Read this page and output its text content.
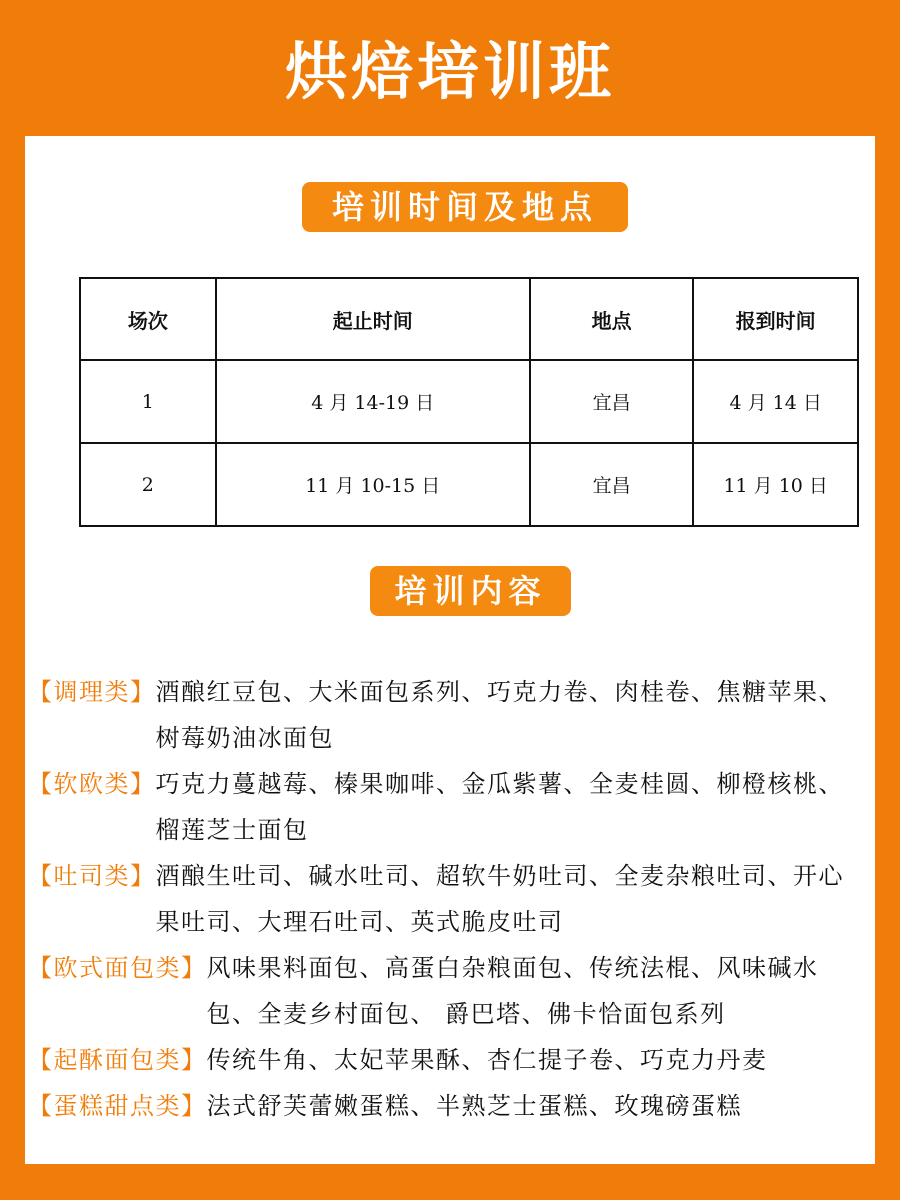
烘焙培训班
培训时间及地点
场次	起止时间	地点	报到时间
1	4 月 14-19 日	宜昌	4 月 14 日
2	11 月 10-15 日	宜昌	11 月 10 日
培训内容
【调理类】 酒酿红豆包、大米面包系列、巧克力卷、肉桂卷、焦糖苹果、树莓奶油冰面包
【软欧类】 巧克力蔓越莓、榛果咖啡、金瓜紫薯、全麦桂圆、柳橙核桃、榴莲芝士面包
【吐司类】 酒酿生吐司、碱水吐司、超软牛奶吐司、全麦杂粮吐司、开心果吐司、大理石吐司、英式脆皮吐司
【欧式面包类】 风味果料面包、高蛋白杂粮面包、传统法棍、风味碱水包、全麦乡村面包、 爵巴塔、佛卡恰面包系列
【起酥面包类】 传统牛角、太妃苹果酥、杏仁提子卷、巧克力丹麦
【蛋糕甜点类】 法式舒芙蕾嫩蛋糕、半熟芝士蛋糕、玫瑰磅蛋糕
